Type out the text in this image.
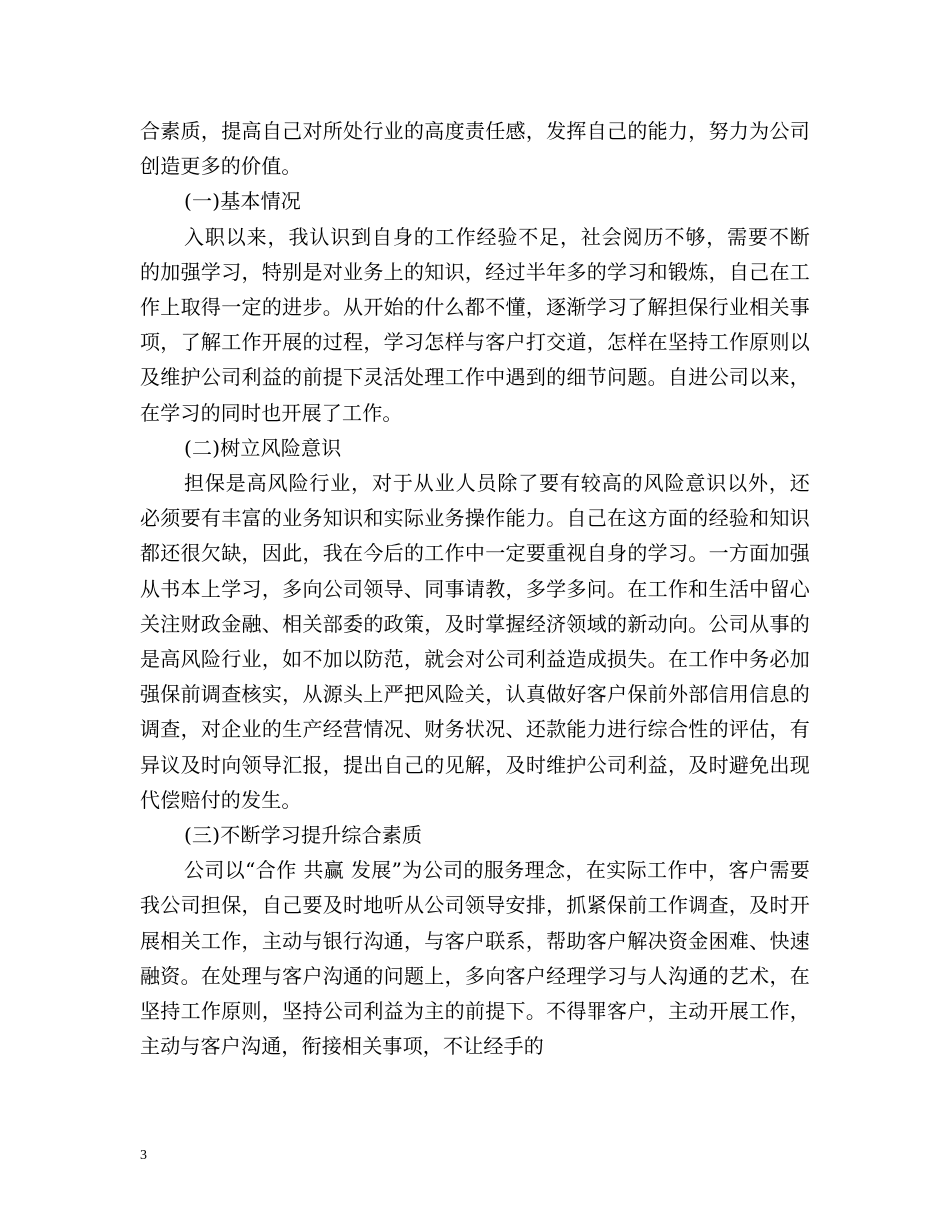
合素质，提高自己对所处行业的高度责任感，发挥自己的能力，努力为公司创造更多的价值。

(一)基本情况

入职以来，我认识到自身的工作经验不足，社会阅历不够，需要不断的加强学习，特别是对业务上的知识，经过半年多的学习和锻炼，自己在工作上取得一定的进步。从开始的什么都不懂，逐渐学习了解担保行业相关事项，了解工作开展的过程，学习怎样与客户打交道，怎样在坚持工作原则以及维护公司利益的前提下灵活处理工作中遇到的细节问题。自进公司以来，在学习的同时也开展了工作。

(二)树立风险意识

担保是高风险行业，对于从业人员除了要有较高的风险意识以外，还必须要有丰富的业务知识和实际业务操作能力。自己在这方面的经验和知识都还很欠缺，因此，我在今后的工作中一定要重视自身的学习。一方面加强从书本上学习，多向公司领导、同事请教，多学多问。在工作和生活中留心关注财政金融、相关部委的政策，及时掌握经济领域的新动向。公司从事的是高风险行业，如不加以防范，就会对公司利益造成损失。在工作中务必加强保前调查核实，从源头上严把风险关，认真做好客户保前外部信用信息的调查，对企业的生产经营情况、财务状况、还款能力进行综合性的评估，有异议及时向领导汇报，提出自己的见解，及时维护公司利益，及时避免出现代偿赔付的发生。

(三)不断学习提升综合素质

公司以“合作 共赢 发展”为公司的服务理念，在实际工作中，客户需要我公司担保，自己要及时地听从公司领导安排，抓紧保前工作调查，及时开展相关工作，主动与银行沟通，与客户联系，帮助客户解决资金困难、快速融资。在处理与客户沟通的问题上，多向客户经理学习与人沟通的艺术，在坚持工作原则，坚持公司利益为主的前提下。不得罪客户，主动开展工作，主动与客户沟通，衔接相关事项，不让经手的

3
